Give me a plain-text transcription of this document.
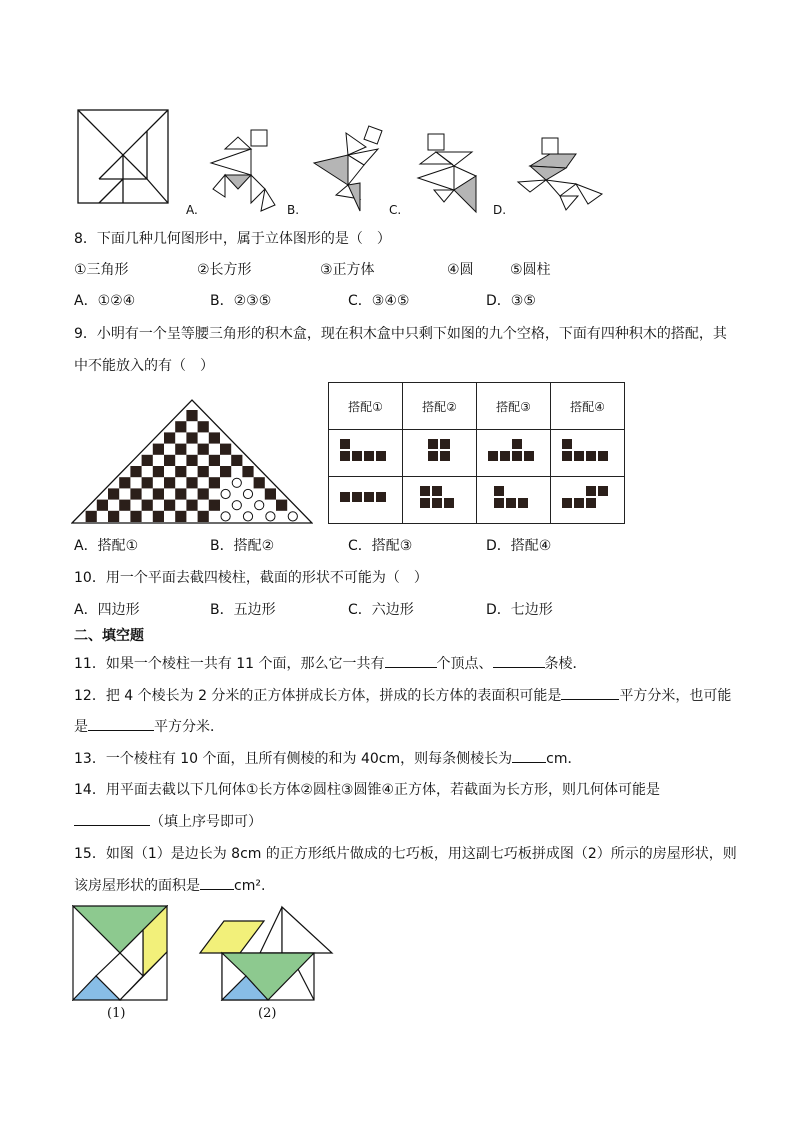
A.	B.	C.	D.
8．下面几种几何图形中，属于立体图形的是（　）
①三角形	②长方形	③正方体	④圆	⑤圆柱
A．①②④	B．②③⑤	C．③④⑤	D．③⑤
9．小明有一个呈等腰三角形的积木盒，现在积木盒中只剩下如图的九个空格，下面有四种积木的搭配，其
中不能放入的有（　）
搭配①	搭配②	搭配③	搭配④

A．搭配①	B．搭配②	C．搭配③	D．搭配④
10．用一个平面去截四棱柱，截面的形状不可能为（　）
A．四边形	B．五边形	C．六边形	D．七边形
二、填空题
11．如果一个棱柱一共有 11 个面，那么它一共有	个顶点、	条棱．
12．把 4 个棱长为 2 分米的正方体拼成长方体，拼成的长方体的表面积可能是	平方分米，也可能
是	平方分米．
13．一个棱柱有 10 个面，且所有侧棱的和为 40cm，则每条侧棱长为 cm．
14．用平面去截以下几何体①长方体②圆柱③圆锥④正方体，若截面为长方形，则几何体可能是
（填上序号即可）
15．如图（1）是边长为 8cm 的正方形纸片做成的七巧板，用这副七巧板拼成图（2）所示的房屋形状，则
该房屋形状的面积是 cm².
(1)	(2)
